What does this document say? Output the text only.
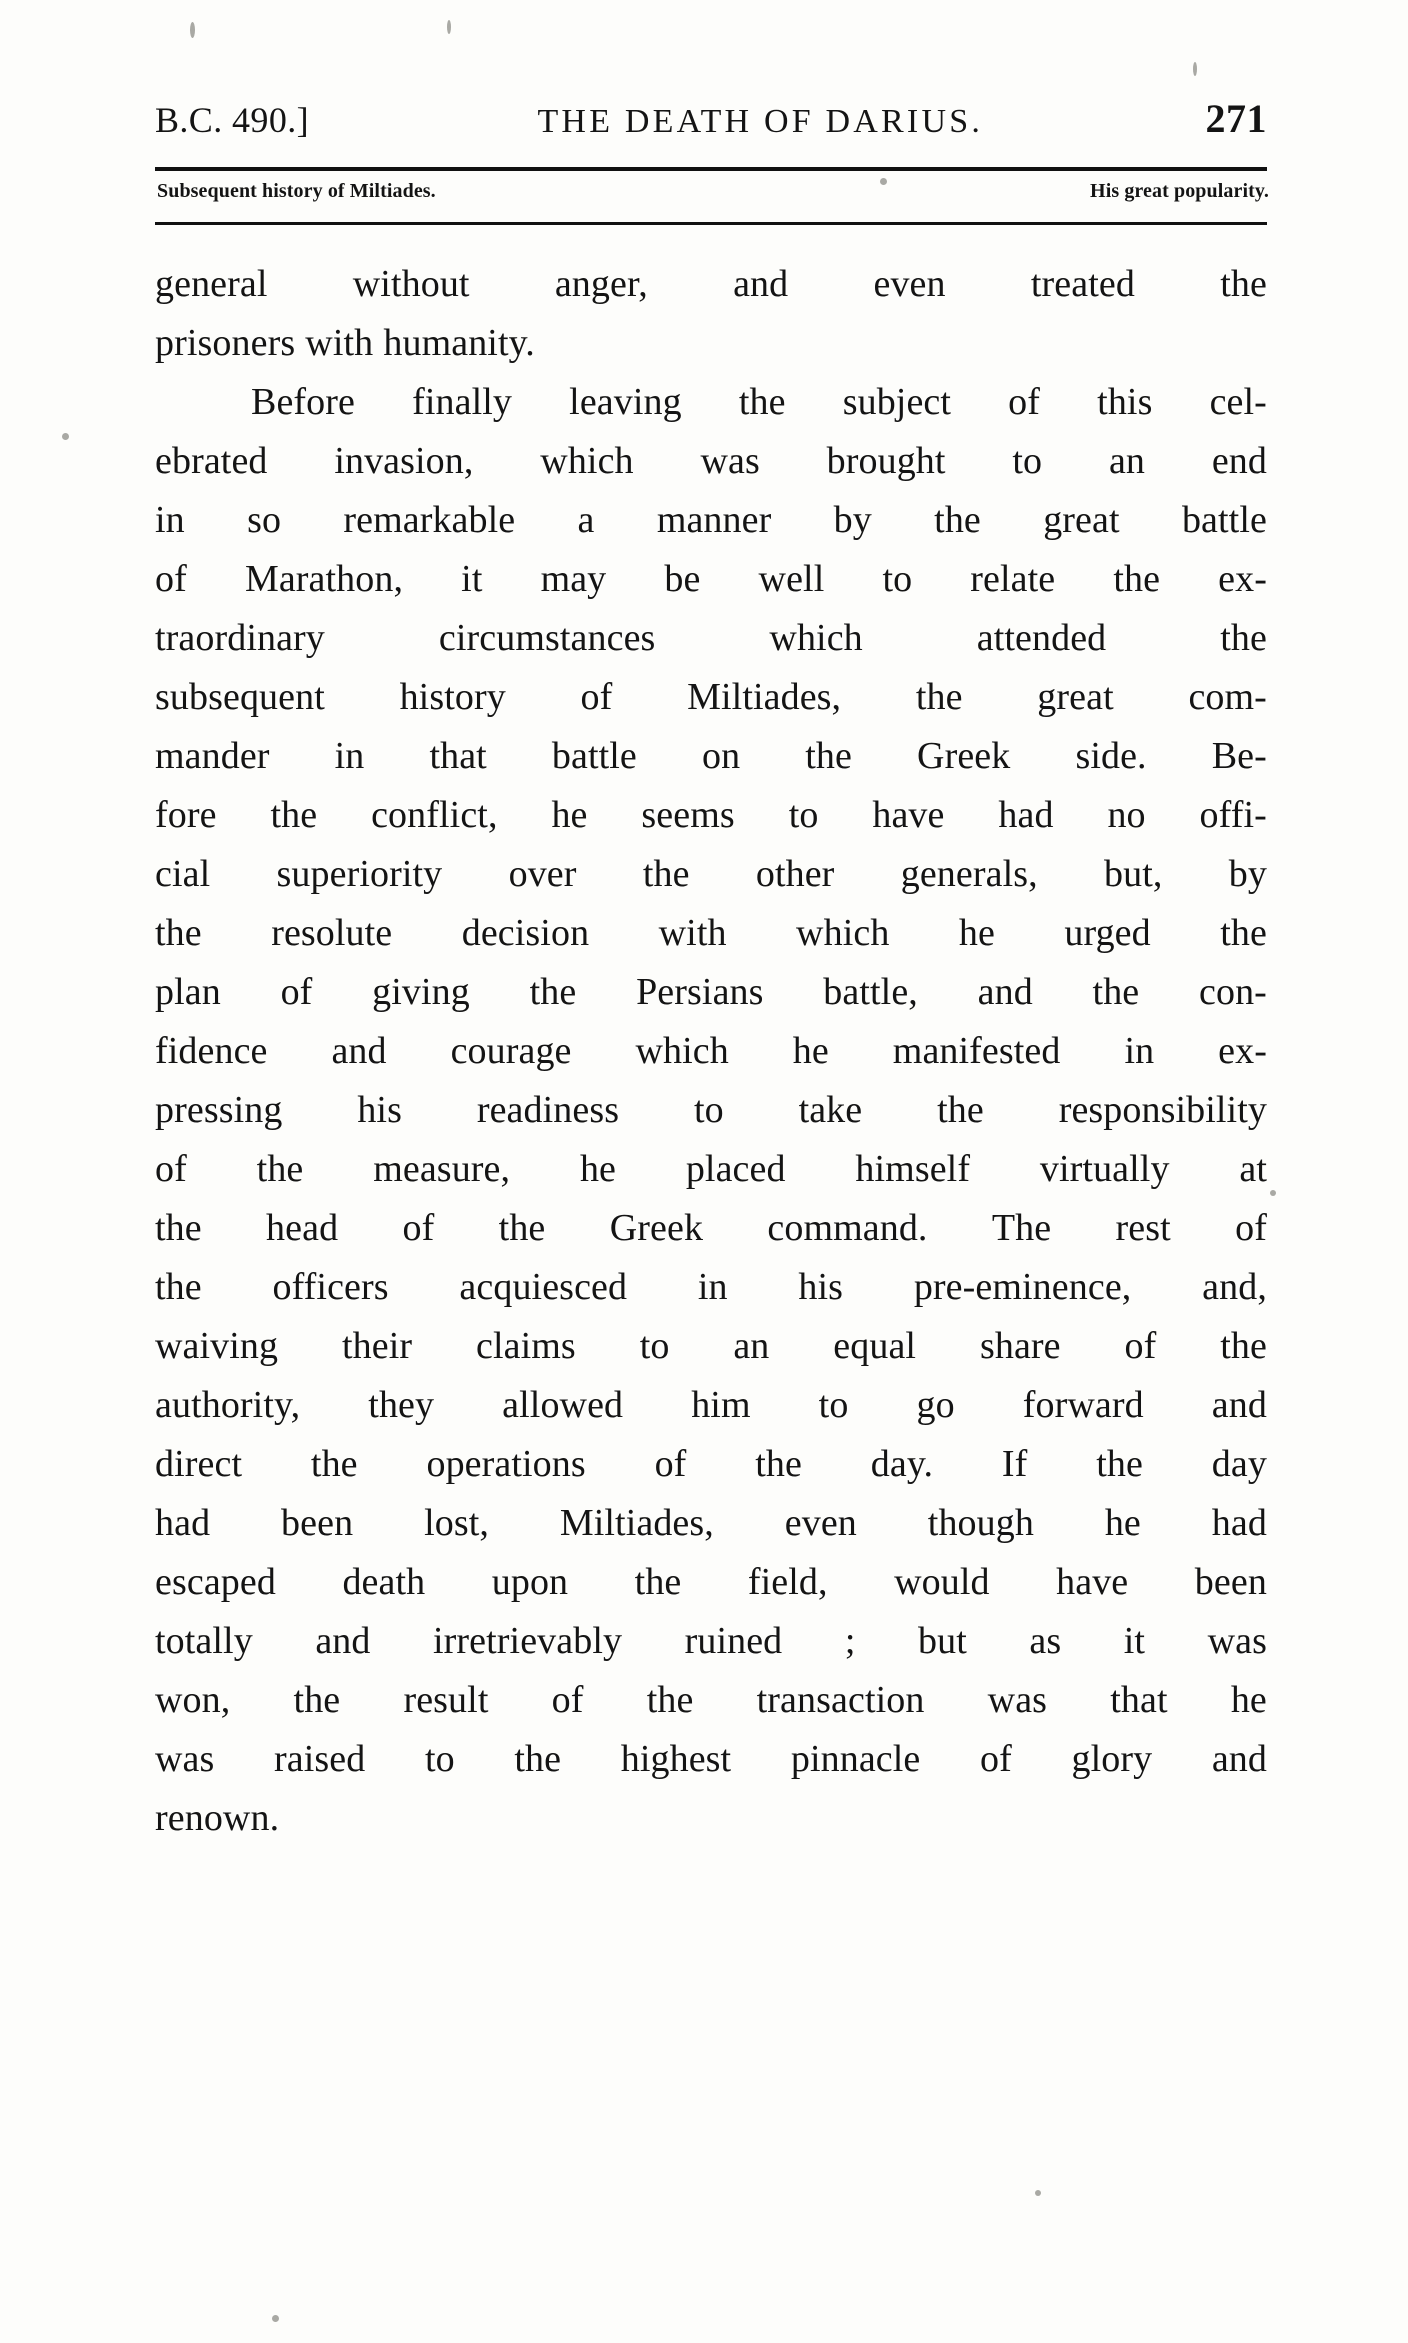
B.C. 490.]	THE DEATH OF DARIUS.	271
Subsequent history of Miltiades.	His great popularity.

general without anger, and even treated the
prisoners with humanity.

Before finally leaving the subject of this cel-
ebrated invasion, which was brought to an end
in so remarkable a manner by the great battle
of Marathon, it may be well to relate the ex-
traordinary	circumstances	which	attended	the
subsequent history of Miltiades, the great com-
mander in that battle on the Greek side. Be-
fore the conflict, he seems to have had no offi-
cial superiority over the other generals, but, by
the resolute decision with which he urged the
plan of giving the Persians battle, and the con-
fidence and courage which he manifested in ex-
pressing his readiness to take the responsibility
of the measure, he placed himself virtually at
the head of the Greek command. The rest of
the officers acquiesced in his pre-eminence, and,
waiving their claims to an equal share of the
authority, they allowed him to go forward and
direct the operations of the day. If the day
had been lost, Miltiades, even though he had
escaped death upon the field, would have been
totally and irretrievably ruined ; but as it was
won, the result of the transaction was that he
was raised to the highest pinnacle of glory and
renown.
